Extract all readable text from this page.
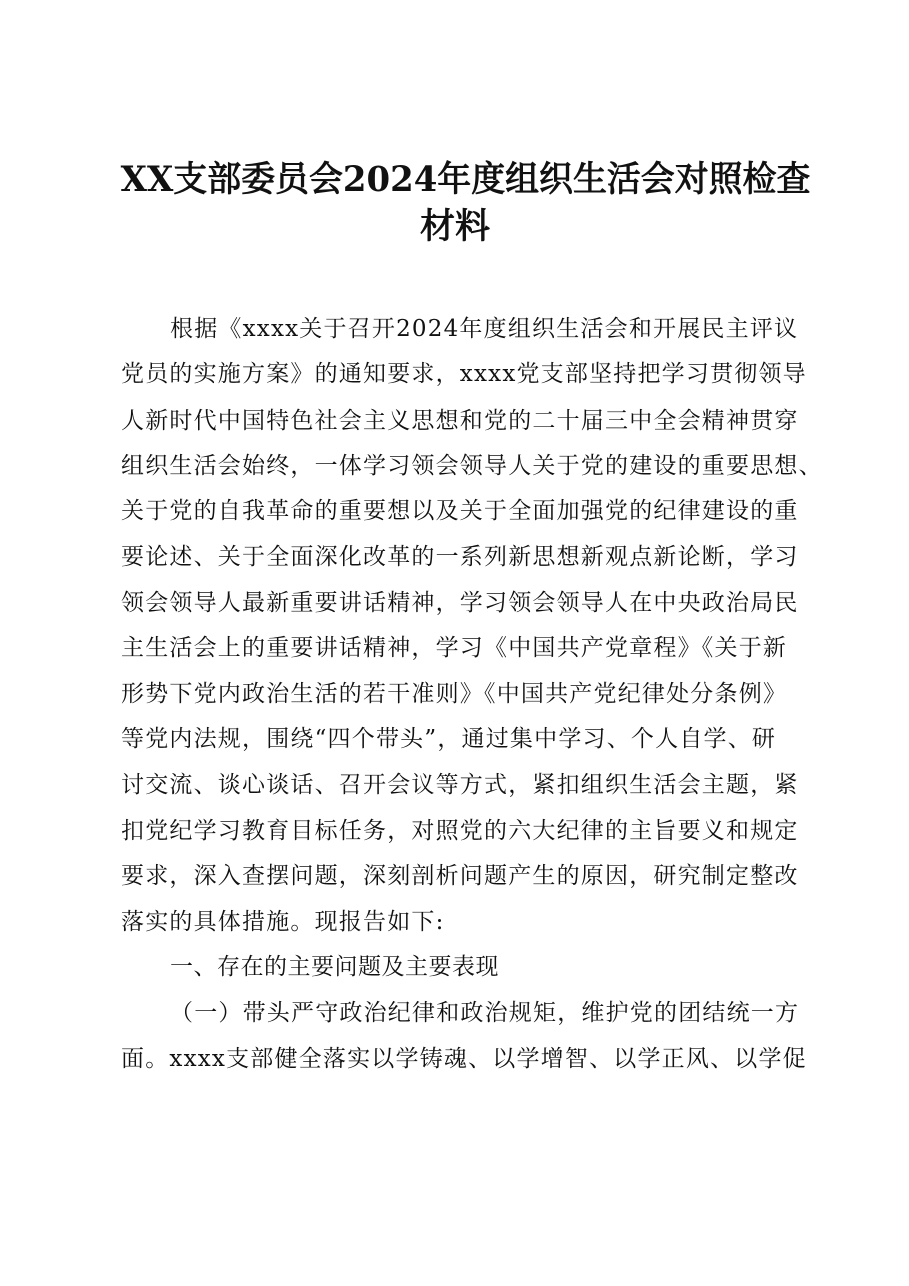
XX支部委员会2024年度组织生活会对照检查
材料
根据《xxxx关于召开2024年度组织生活会和开展民主评议
党员的实施方案》的通知要求，xxxx党支部坚持把学习贯彻领导
人新时代中国特色社会主义思想和党的二十届三中全会精神贯穿
组织生活会始终，一体学习领会领导人关于党的建设的重要思想、
关于党的自我革命的重要想以及关于全面加强党的纪律建设的重
要论述、关于全面深化改革的一系列新思想新观点新论断，学习
领会领导人最新重要讲话精神，学习领会领导人在中央政治局民
主生活会上的重要讲话精神，学习《中国共产党章程》《关于新
形势下党内政治生活的若干准则》《中国共产党纪律处分条例》
等党内法规，围绕“四个带头”，通过集中学习、个人自学、研
讨交流、谈心谈话、召开会议等方式，紧扣组织生活会主题，紧
扣党纪学习教育目标任务，对照党的六大纪律的主旨要义和规定
要求，深入查摆问题，深刻剖析问题产生的原因，研究制定整改
落实的具体措施。现报告如下:
一、存在的主要问题及主要表现
（一）带头严守政治纪律和政治规矩，维护党的团结统一方
面。xxxx支部健全落实以学铸魂、以学增智、以学正风、以学促
